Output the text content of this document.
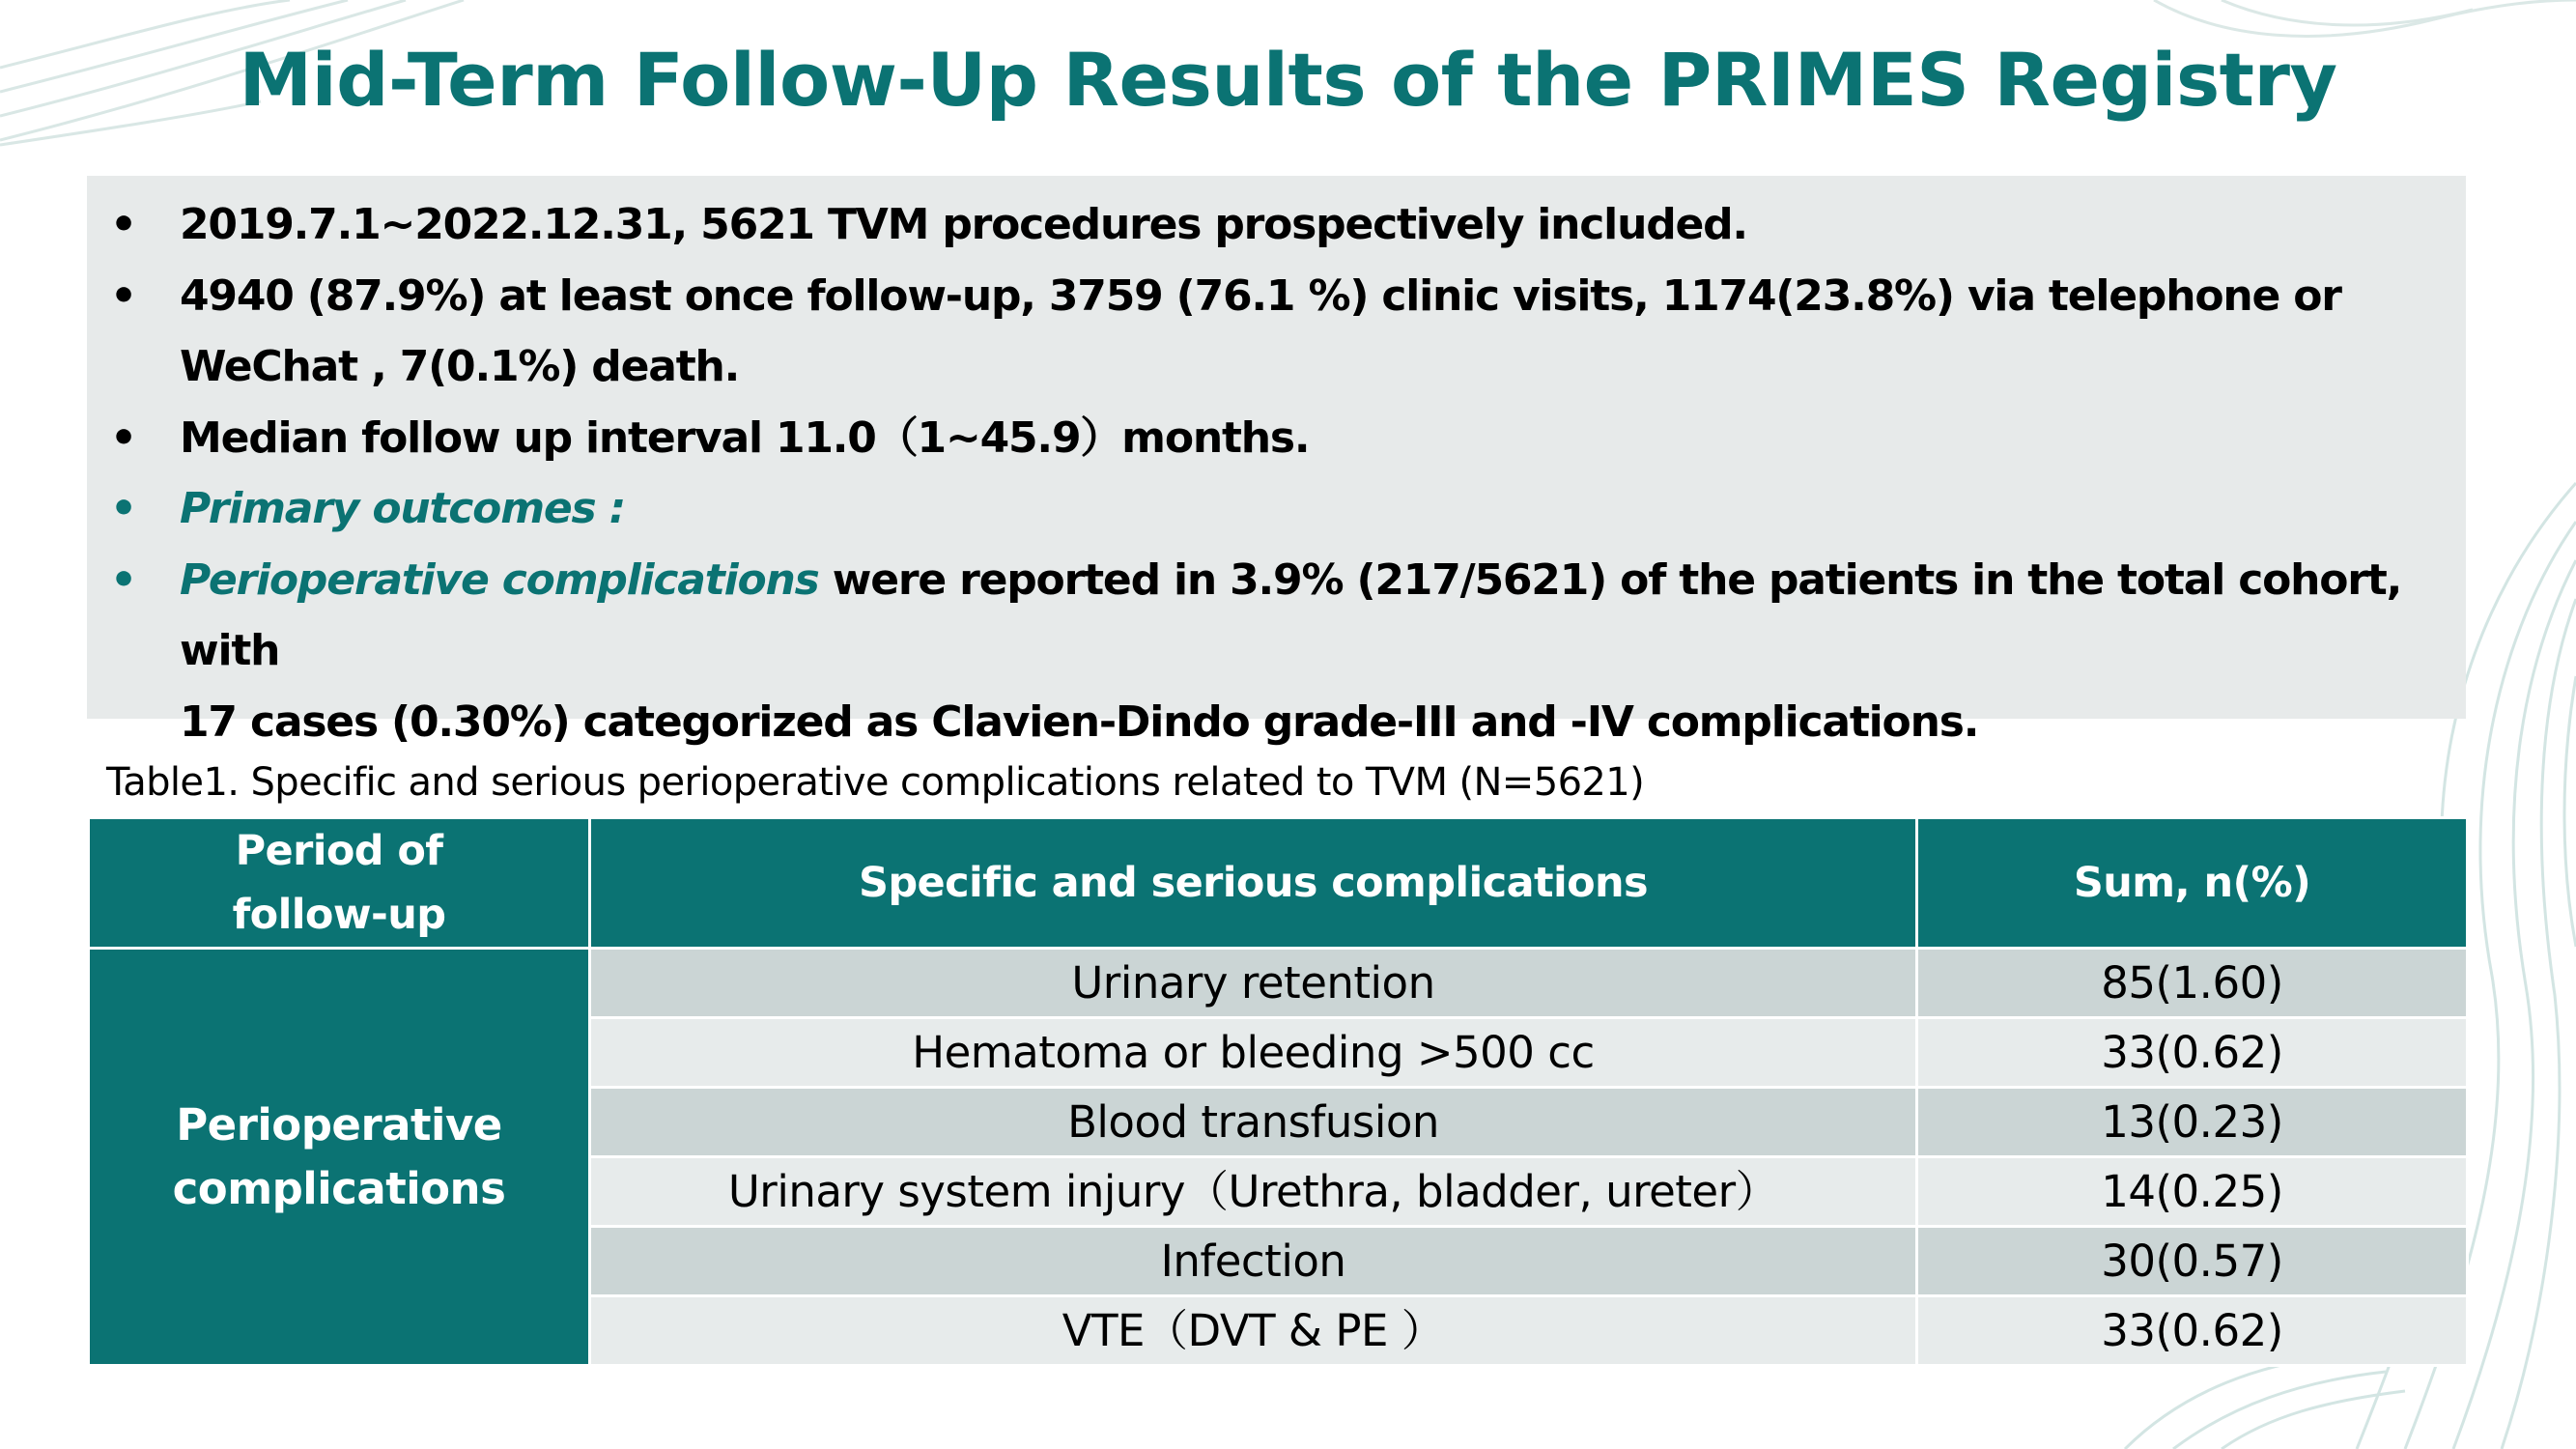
Mid-Term Follow-Up Results of the PRIMES Registry
• 2019.7.1~2022.12.31, 5621 TVM procedures prospectively included.
• 4940 (87.9%) at least once follow-up, 3759 (76.1 %) clinic visits, 1174(23.8%) via telephone or
WeChat , 7(0.1%) death.
• Median follow up interval 11.0（1~45.9）months.
• Primary outcomes :
• Perioperative complications were reported in 3.9% (217/5621) of the patients in the total cohort, with
17 cases (0.30%) categorized as Clavien-Dindo grade-III and -IV complications.
Table1. Specific and serious perioperative complications related to TVM (N=5621)
Period of
follow-up	Specific and serious complications	Sum, n(%)
Perioperative
complications	Urinary retention	85(1.60)
	Hematoma or bleeding >500 cc	33(0.62)
	Blood transfusion	13(0.23)
	Urinary system injury（Urethra, bladder, ureter）	14(0.25)
	Infection	30(0.57)
	VTE（DVT & PE ）	33(0.62)
